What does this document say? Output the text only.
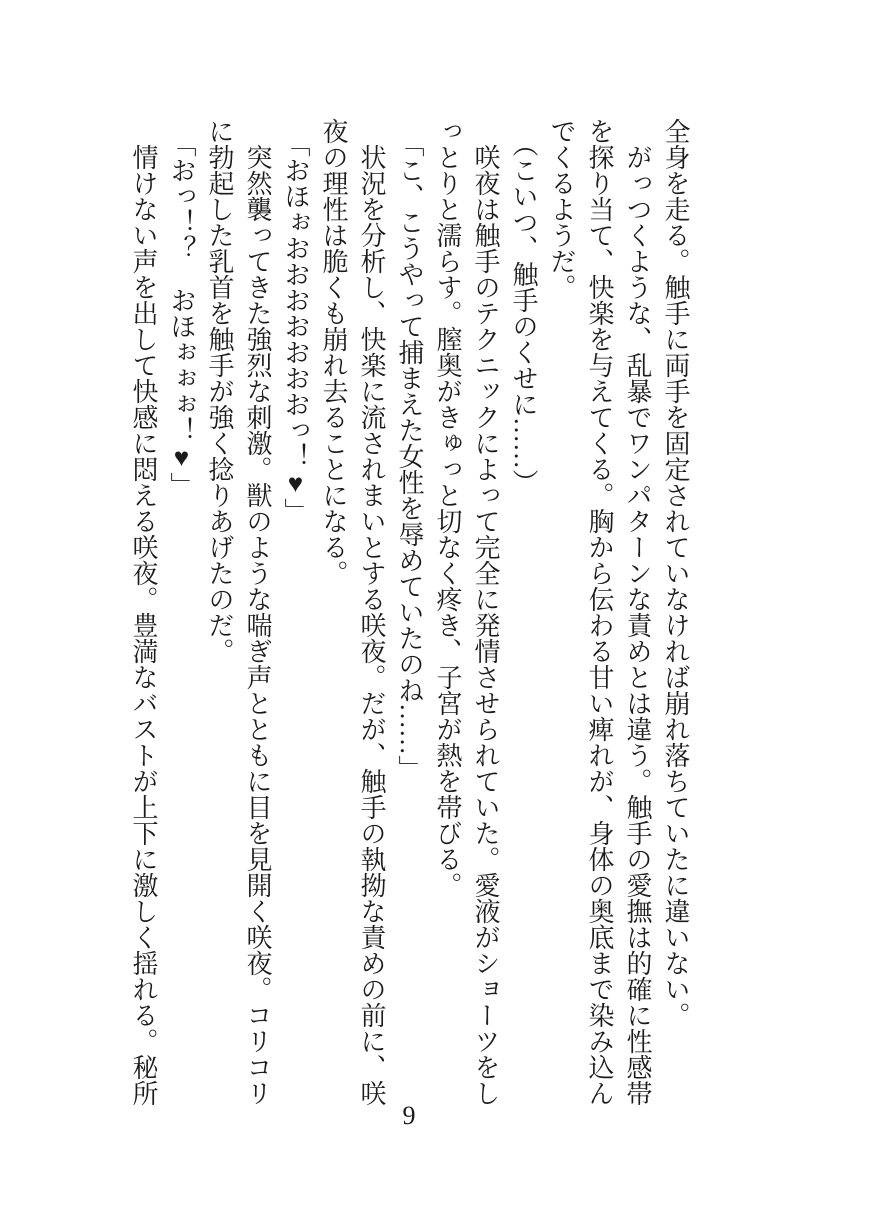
全身を走る。触手に両手を固定されていなければ崩れ落ちていたに違いない。

　がっつくような、乱暴でワンパターンな責めとは違う。触手の愛撫は的確に性感帯

を探り当て、快楽を与えてくる。胸から伝わる甘い痺れが、身体の奥底まで染み込ん

でくるようだ。

　（こいつ、触手のくせに……）

　咲夜は触手のテクニックによって完全に発情させられていた。愛液がショーツをし

っとりと濡らす。膣奥がきゅっと切なく疼き、子宮が熱を帯びる。

　「こ、こうやって捕まえた女性を辱めていたのね……」

　状況を分析し、快楽に流されまいとする咲夜。だが、触手の執拗な責めの前に、咲

夜の理性は脆くも崩れ去ることになる。

　「おほぉおおおおおおおっ！♥」

　突然襲ってきた強烈な刺激。獣のような喘ぎ声とともに目を見開く咲夜。コリコリ

に勃起した乳首を触手が強く捻りあげたのだ。

　「おっ！？　おほぉぉぉ！♥」

　情けない声を出して快感に悶える咲夜。豊満なバストが上下に激しく揺れる。秘所

9
